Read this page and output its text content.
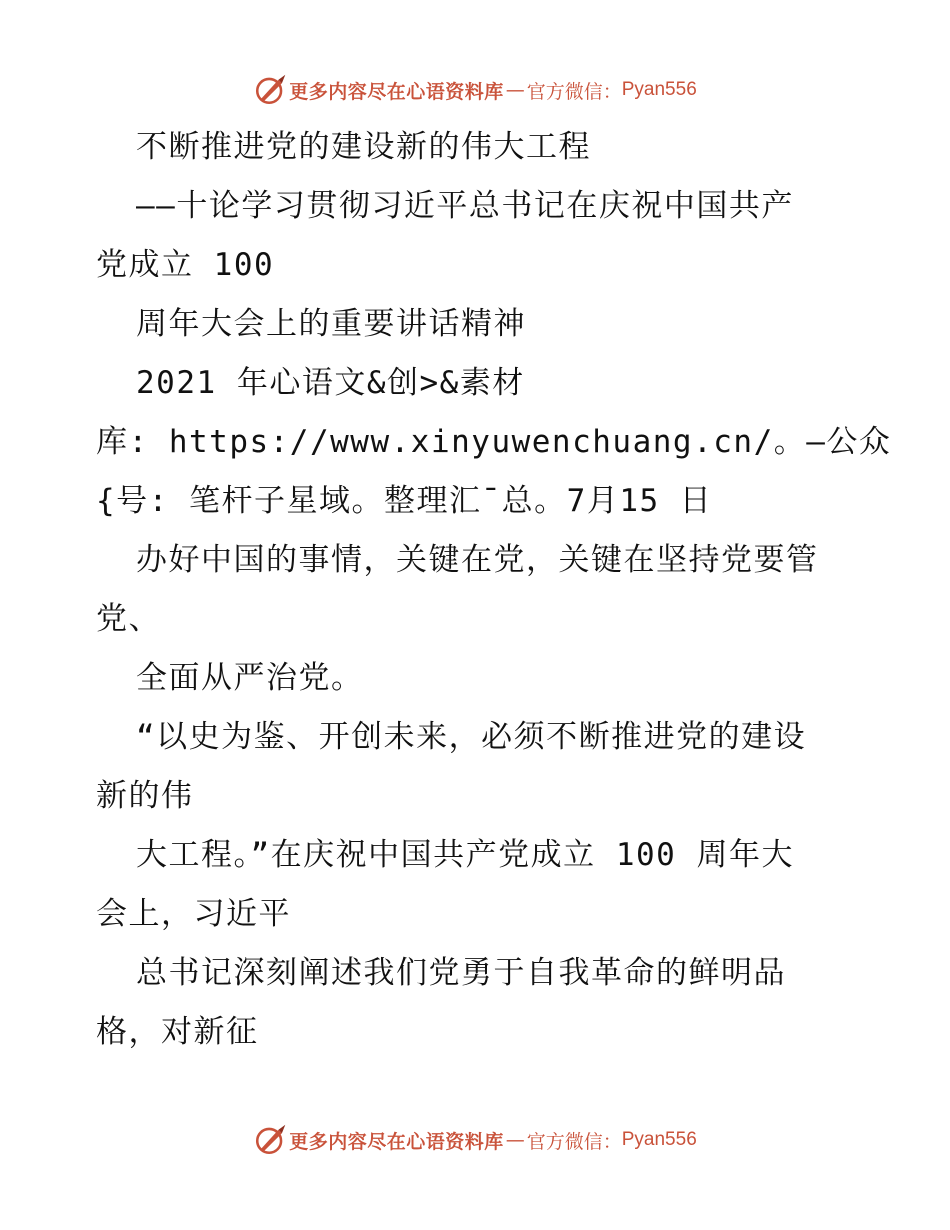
更多内容尽在心语资料库 — 官方微信： Pyan556
不断推进党的建设新的伟大工程
——十论学习贯彻习近平总书记在庆祝中国共产
党成立 100
周年大会上的重要讲话精神
2021 年心语文&创>&素材
库: https://www.xinyuwenchuang.cn/。—公众
{号: 笔杆子星域。整理汇¯总。7月15 日
办好中国的事情，关键在党，关键在坚持党要管
党、
全面从严治党。
“以史为鉴、开创未来，必须不断推进党的建设
新的伟
大工程。”在庆祝中国共产党成立 100 周年大
会上，习近平
总书记深刻阐述我们党勇于自我革命的鲜明品
格，对新征
更多内容尽在心语资料库 — 官方微信： Pyan556
